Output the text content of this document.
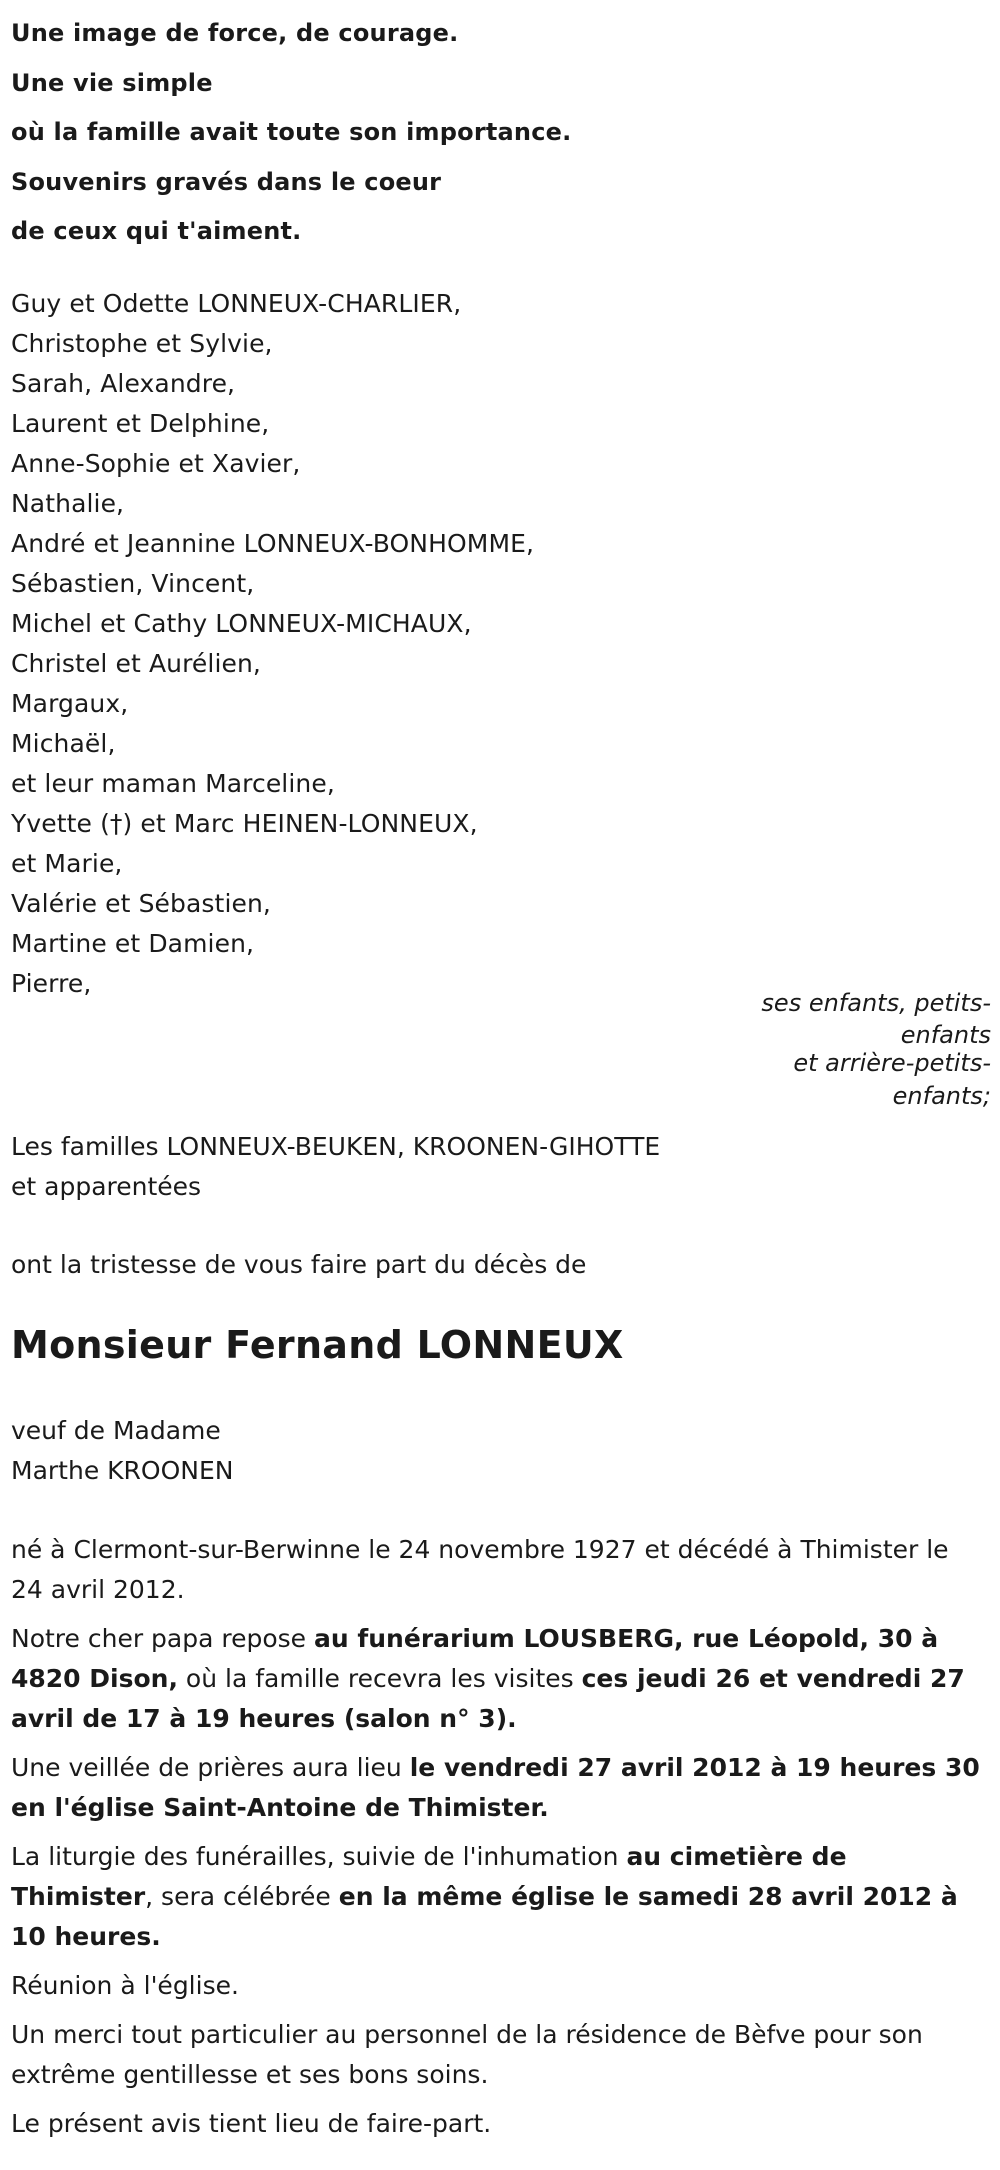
Une image de force, de courage.
Une vie simple
où la famille avait toute son importance.
Souvenirs gravés dans le coeur
de ceux qui t'aiment.
Guy et Odette LONNEUX-CHARLIER,
Christophe et Sylvie,
Sarah, Alexandre,
Laurent et Delphine,
Anne-Sophie et Xavier,
Nathalie,
André et Jeannine LONNEUX-BONHOMME,
Sébastien, Vincent,
Michel et Cathy LONNEUX-MICHAUX,
Christel et Aurélien,
Margaux,
Michaël,
et leur maman Marceline,
Yvette (†) et Marc HEINEN-LONNEUX,
et Marie,
Valérie et Sébastien,
Martine et Damien,
Pierre,
ses enfants, petits-
enfants
et arrière-petits-
enfants;
Les familles LONNEUX-BEUKEN, KROONEN-GIHOTTE
et apparentées
ont la tristesse de vous faire part du décès de
Monsieur Fernand LONNEUX
veuf de Madame
Marthe KROONEN

né à Clermont-sur-Berwinne le 24 novembre 1927 et décédé à Thimister le 24 avril 2012.

Notre cher papa repose au funérarium LOUSBERG, rue Léopold, 30 à 4820 Dison, où la famille recevra les visites ces jeudi 26 et vendredi 27 avril de 17 à 19 heures (salon n° 3).

Une veillée de prières aura lieu le vendredi 27 avril 2012 à 19 heures 30 en l'église Saint-Antoine de Thimister.

La liturgie des funérailles, suivie de l'inhumation au cimetière de Thimister, sera célébrée en la même église le samedi 28 avril 2012 à 10 heures.

Réunion à l'église.

Un merci tout particulier au personnel de la résidence de Bèfve pour son extrême gentillesse et ses bons soins.

Le présent avis tient lieu de faire-part.
